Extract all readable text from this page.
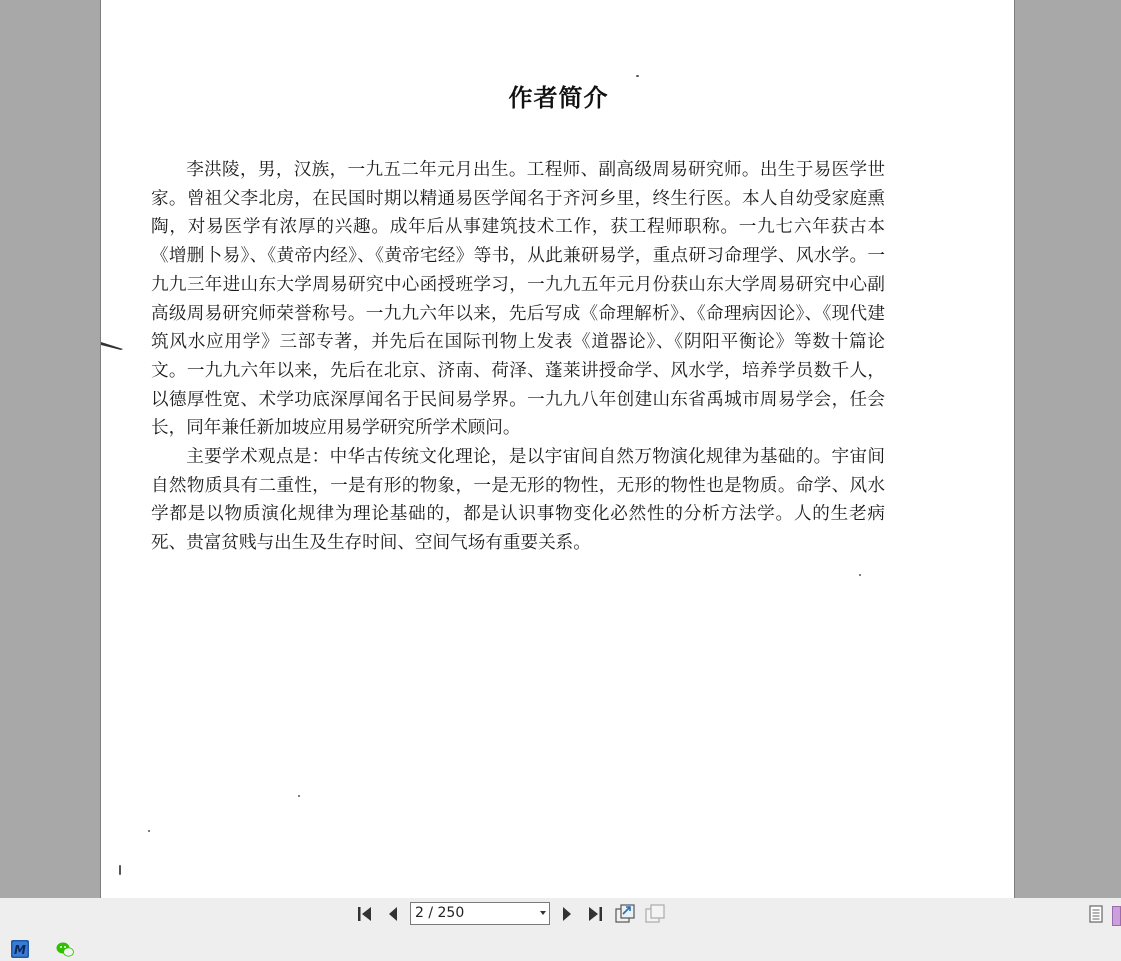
作者简介

李洪陵，男，汉族，一九五二年元月出生。工程师、副高级周易研究师。出生于易医学世家。曾祖父李北房，在民国时期以精通易医学闻名于齐河乡里，终生行医。本人自幼受家庭熏陶，对易医学有浓厚的兴趣。成年后从事建筑技术工作，获工程师职称。一九七六年获古本《增删卜易》、《黄帝内经》、《黄帝宅经》等书，从此兼研易学，重点研习命理学、风水学。一九九三年进山东大学周易研究中心函授班学习，一九九五年元月份获山东大学周易研究中心副高级周易研究师荣誉称号。一九九六年以来，先后写成《命理解析》、《命理病因论》、《现代建筑风水应用学》三部专著，并先后在国际刊物上发表《道器论》、《阴阳平衡论》等数十篇论文。一九九六年以来，先后在北京、济南、荷泽、蓬莱讲授命学、风水学，培养学员数千人，以德厚性宽、术学功底深厚闻名于民间易学界。一九九八年创建山东省禹城市周易学会，任会长，同年兼任新加坡应用易学研究所学术顾问。

主要学术观点是：中华古传统文化理论，是以宇宙间自然万物演化规律为基础的。宇宙间自然物质具有二重性，一是有形的物象，一是无形的物性，无形的物性也是物质。命学、风水学都是以物质演化规律为理论基础的，都是认识事物变化必然性的分析方法学。人的生老病死、贵富贫贱与出生及生存时间、空间气场有重要关系。

2 / 250
M
